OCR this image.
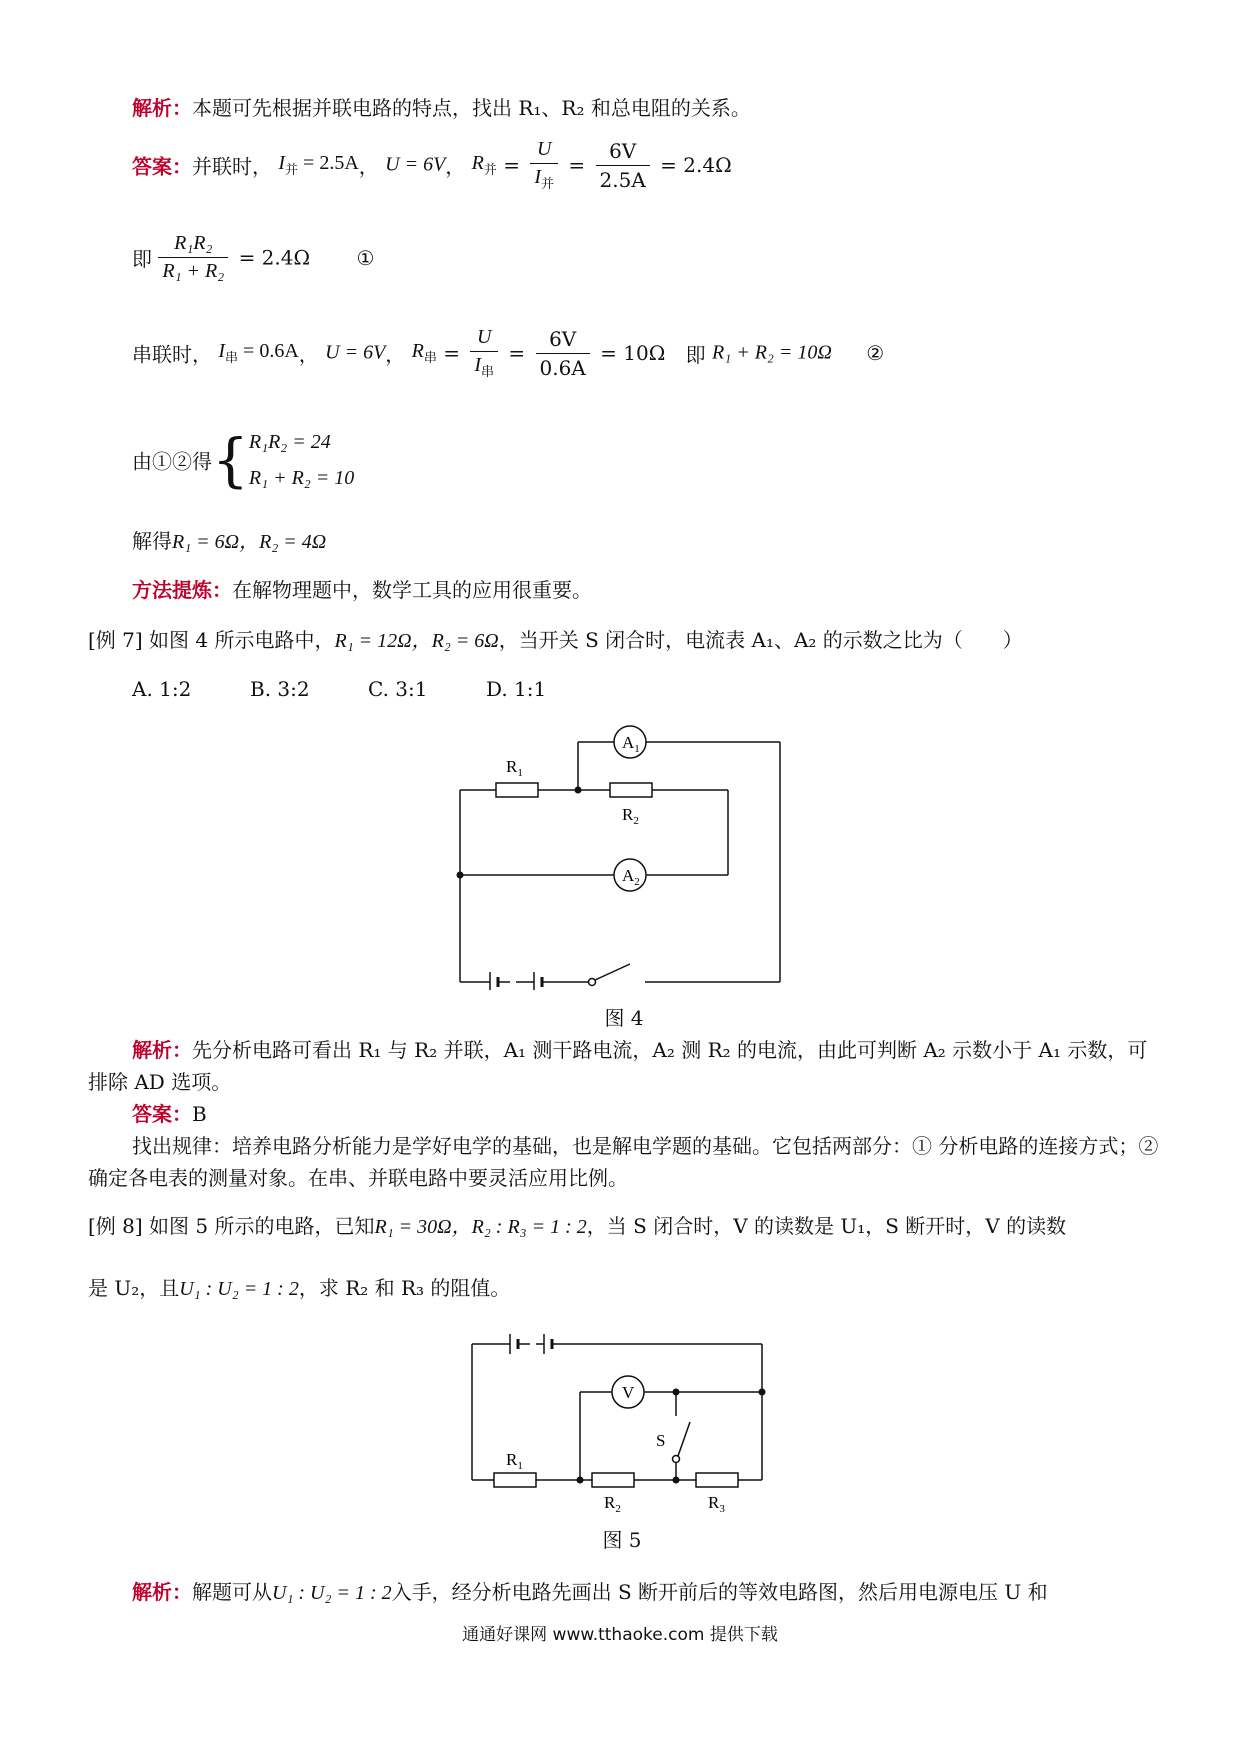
解析：本题可先根据并联电路的特点，找出 R₁、R₂ 和总电阻的关系。
答案：并联时， $I_并 = 2.5A$， U = 6V， $R_并 = \frac{U}{I_并} = \frac{6V}{2.5A} = 2.4\Omega$
即 $\frac{\text{R₁R₂}}{\text{R₁ + R₂}} = 2.4\Omega$ ①
串联时， $I_串 = 0.6A$， U = 6V， $R_串 = \frac{U}{I_串} = \frac{6V}{0.6A} = 10\Omega$ 即 R₁ + R₂ = 10Ω ②
由①②得{ R₁R₂ = 24
R₁ + R₂ = 10
解得R₁ = 6Ω，R₂ = 4Ω
方法提炼：在解物理题中，数学工具的应用很重要。
[例 7] 如图 4 所示电路中，R₁ = 12Ω，R₂ = 6Ω，当开关 S 闭合时，电流表 A₁、A₂ 的示数之比为（　　）
A. 1:2	B. 3:2	C. 3:1	D. 1:1
$R_1$
$R_2$
$A_1$
$A_2$
图 4
解析：先分析电路可看出 R₁ 与 R₂ 并联，A₁ 测干路电流，A₂ 测 R₂ 的电流，由此可判断 A₂ 示数小于 A₁ 示数，可排除 AD 选项。
答案：B
找出规律：培养电路分析能力是学好电学的基础，也是解电学题的基础。它包括两部分：① 分析电路的连接方式；② 确定各电表的测量对象。在串、并联电路中要灵活应用比例。
[例 8] 如图 5 所示的电路，已知R₁ = 30Ω，R₂ : R₃ = 1 : 2，当 S 闭合时，V 的读数是 U₁，S 断开时，V 的读数
是 U₂，且U₁ : U₂ = 1 : 2，求 R₂ 和 R₃ 的阻值。
V
S
$R_1$
$R_2$	$R_3$
图 5
解析：解题可从U₁ : U₂ = 1 : 2入手，经分析电路先画出 S 断开前后的等效电路图，然后用电源电压 U 和
通通好课网 www.tthaoke.com 提供下载
